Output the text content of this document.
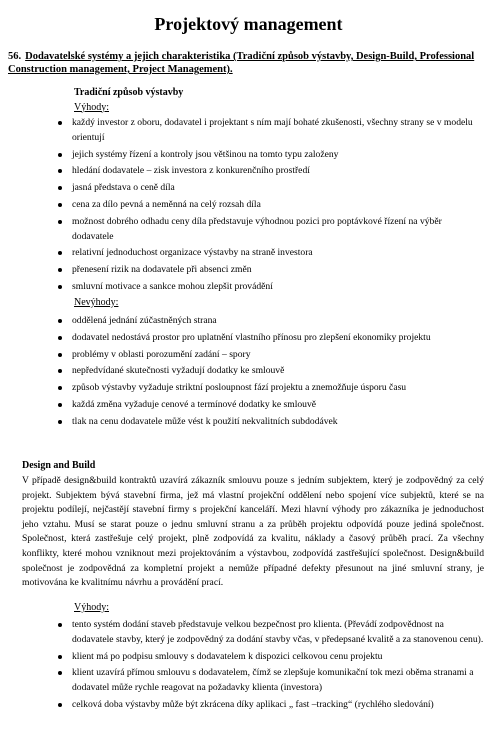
Projektový management
56. Dodavatelské systémy a jejich charakteristika (Tradiční způsob výstavby, Design-Build, Professional Construction management, Project Management).
Tradiční způsob výstavby
Výhody:
každý investor z oboru, dodavatel i projektant s ním mají bohaté zkušenosti, všechny strany se v modelu orientují
jejich systémy řízení a kontroly jsou většinou na tomto typu založeny
hledání dodavatele – zisk investora z konkurenčního prostředí
jasná představa o ceně díla
cena za dílo pevná a neměnná na celý rozsah díla
možnost dobrého odhadu ceny díla představuje výhodnou pozici pro poptávkové řízení na výběr dodavatele
relativní jednoduchost organizace výstavby na straně investora
přenesení rizik na dodavatele při absenci změn
smluvní motivace a sankce mohou zlepšit provádění
Nevýhody:
oddělená jednání zúčastněných strana
dodavatel nedostává prostor pro uplatnění vlastního přínosu pro zlepšení ekonomiky projektu
problémy v oblasti porozumění zadání – spory
nepředvídané skutečnosti vyžadují dodatky ke smlouvě
způsob výstavby vyžaduje striktní posloupnost fází projektu a znemožňuje úsporu času
každá změna vyžaduje cenové a termínové dodatky ke smlouvě
tlak na cenu dodavatele může vést k použití nekvalitních subdodávek
Design and Build
V případě design&build kontraktů uzavírá zákazník smlouvu pouze s jedním subjektem, který je zodpovědný za celý projekt. Subjektem bývá stavební firma, jež má vlastní projekční oddělení nebo spojení více subjektů, které se na projektu podílejí, nejčastějí stavební firmy s projekční kanceláří. Mezi hlavní výhody pro zákazníka je jednoduchost jeho vztahu. Musí se starat pouze o jednu smluvní stranu a za průběh projektu odpovídá pouze jediná společnost. Společnost, která zastřešuje celý projekt, plně zodpovídá za kvalitu, náklady a časový průběh prací. Za všechny konflikty, které mohou vzniknout mezi projektováním a výstavbou, zodpovídá zastřešující společnost. Design&build společnost je zodpovědná za kompletní projekt a nemůže případné defekty přesunout na jiné smluvní strany, je motivována ke kvalitnímu návrhu a provádění prací.
Výhody:
tento systém dodání staveb představuje velkou bezpečnost pro klienta. (Převádí zodpovědnost na dodavatele stavby, který je zodpovědný za dodání stavby včas, v předepsané kvalitě a za stanovenou cenu).
klient má po podpisu smlouvy s dodavatelem k dispozici celkovou cenu projektu
klient uzavírá přímou smlouvu s dodavatelem, čímž se zlepšuje komunikační tok mezi oběma stranami a dodavatel může rychle reagovat na požadavky klienta (investora)
celková doba výstavby může být zkrácena díky aplikaci „ fast –tracking“ (rychlého sledování)
